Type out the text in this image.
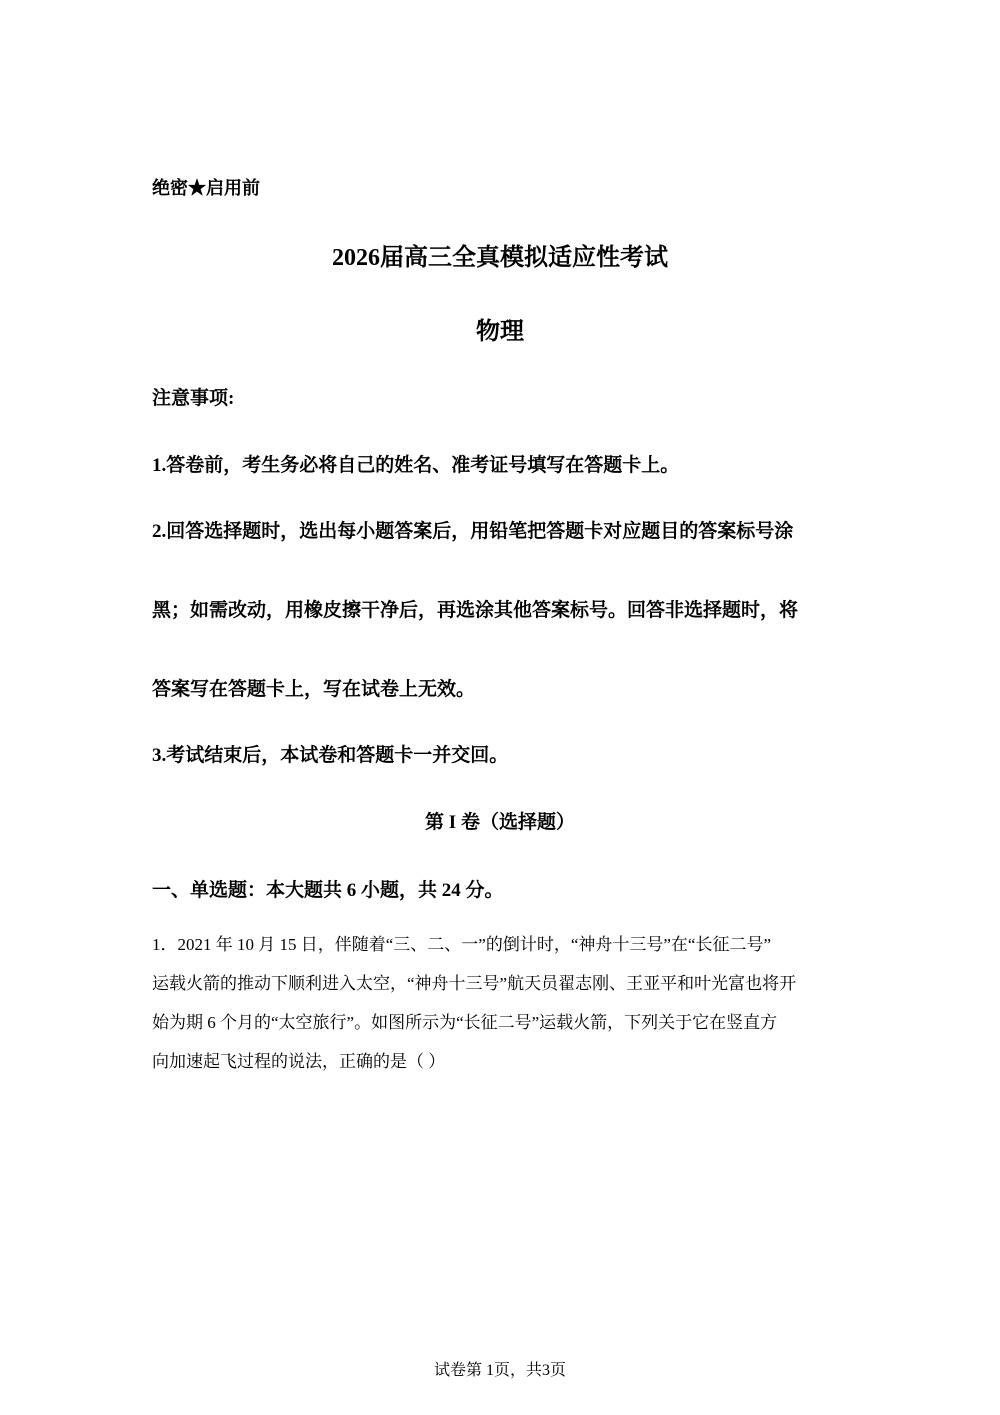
绝密★启用前
2026届高三全真模拟适应性考试
物理
注意事项:
1.答卷前，考生务必将自己的姓名、准考证号填写在答题卡上。
2.回答选择题时，选出每小题答案后，用铅笔把答题卡对应题目的答案标号涂
黑；如需改动，用橡皮擦干净后，再选涂其他答案标号。回答非选择题时，将
答案写在答题卡上，写在试卷上无效。
3.考试结束后，本试卷和答题卡一并交回。
第 I 卷（选择题）
一、单选题：本大题共 6 小题，共 24 分。
1．2021 年 10 月 15 日，伴随着“三、二、一”的倒计时，“神舟十三号”在“长征二号”
运载火箭的推动下顺利进入太空，“神舟十三号”航天员翟志刚、王亚平和叶光富也将开
始为期 6 个月的“太空旅行”。如图所示为“长征二号”运载火箭，下列关于它在竖直方
向加速起飞过程的说法，正确的是（ ）
试卷第 1页，共3页
